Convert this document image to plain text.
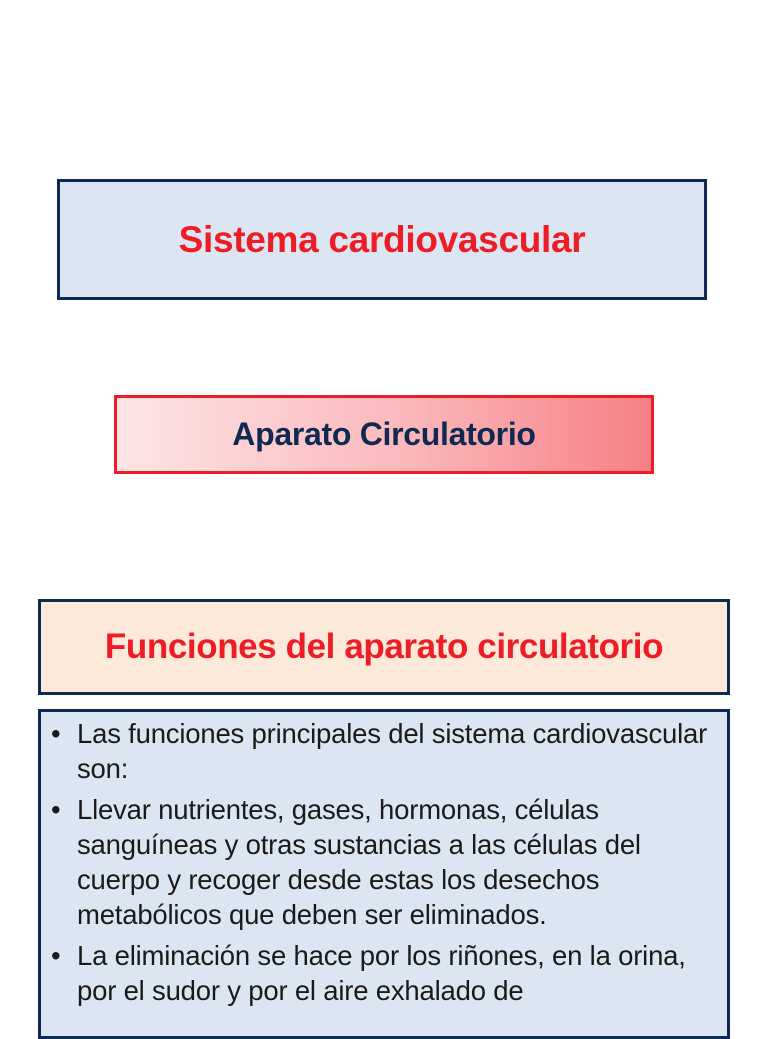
Sistema cardiovascular
Aparato Circulatorio
Funciones del aparato circulatorio
• Las funciones principales del sistema cardiovascular son:
• Llevar nutrientes, gases, hormonas, células sanguíneas y otras sustancias a las células del cuerpo y recoger desde estas los desechos metabólicos que deben ser eliminados.
• La eliminación se hace por los riñones, en la orina, por el sudor y por el aire exhalado de
